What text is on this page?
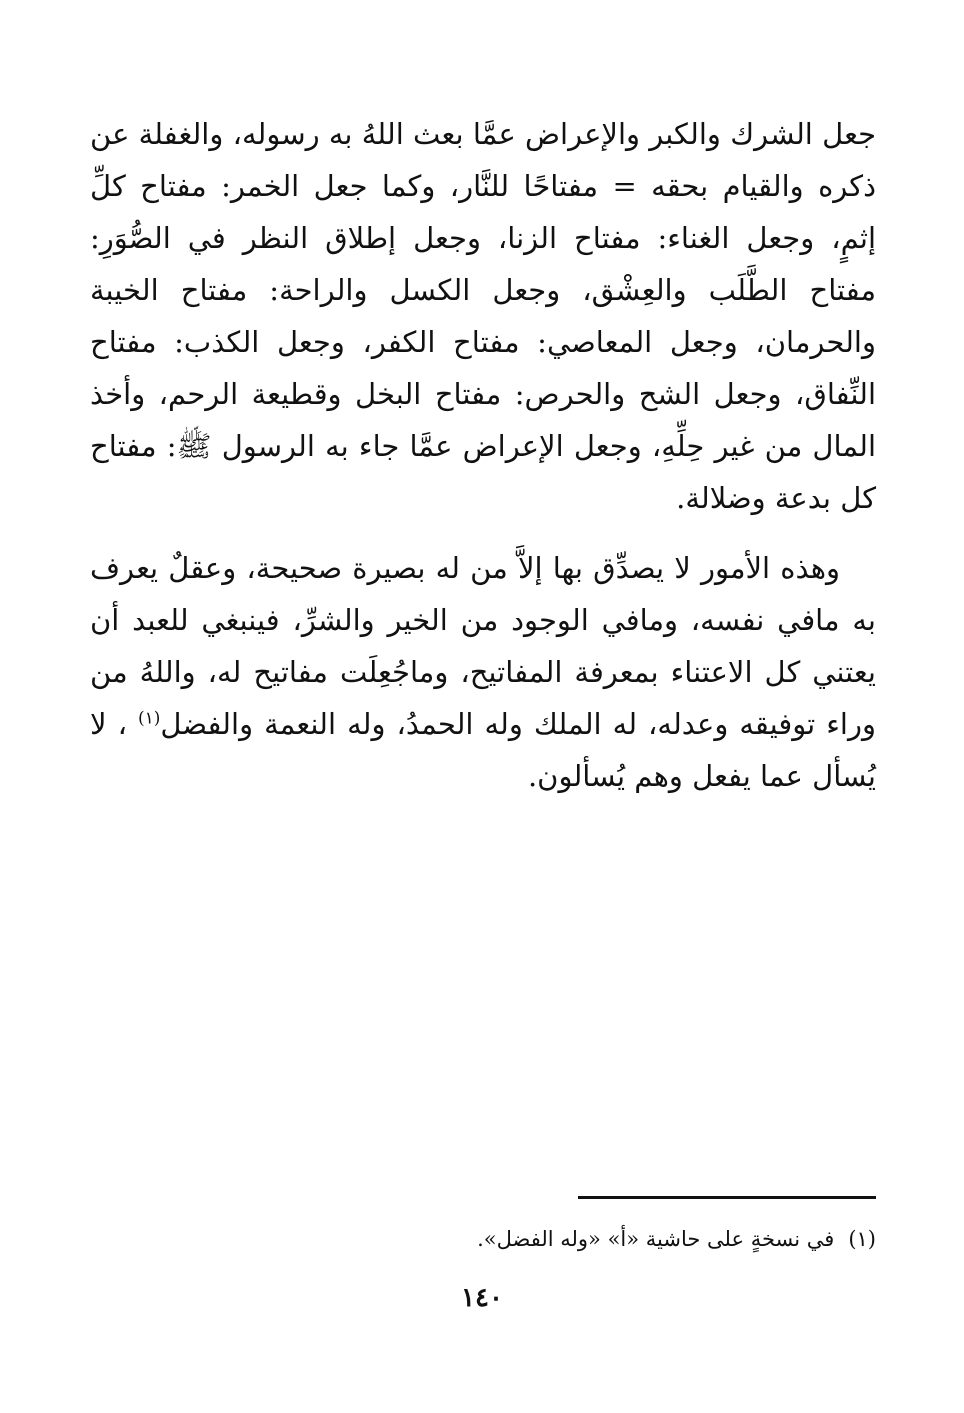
جعل الشرك والكبر والإعراض عمَّا بعث اللهُ به رسوله، والغفلة عن ذكره والقيام بحقه = مفتاحًا للنَّار، وكما جعل الخمر: مفتاح كلِّ إثمٍ، وجعل الغناء: مفتاح الزنا، وجعل إطلاق النظر في الصُّوَرِ: مفتاح الطَّلَب والعِشْق، وجعل الكسل والراحة: مفتاح الخيبة والحرمان، وجعل المعاصي: مفتاح الكفر، وجعل الكذب: مفتاح النِّفاق، وجعل الشح والحرص: مفتاح البخل وقطيعة الرحم، وأخذ المال من غير حِلِّهِ، وجعل الإعراض عمَّا جاء به الرسول ﷺ: مفتاح كل بدعة وضلالة.

وهذه الأمور لا يصدِّق بها إلاَّ من له بصيرة صحيحة، وعقلٌ يعرف به مافي نفسه، ومافي الوجود من الخير والشرِّ، فينبغي للعبد أن يعتني كل الاعتناء بمعرفة المفاتيح، وماجُعِلَت مفاتيح له، واللهُ من وراء توفيقه وعدله، له الملك وله الحمدُ، وله النعمة والفضل$^{(١)}$ ، لا يُسأل عما يفعل وهم يُسألون.

(١)في نسخةٍ على حاشية «أ» «وله الفضل».
١٤٠
